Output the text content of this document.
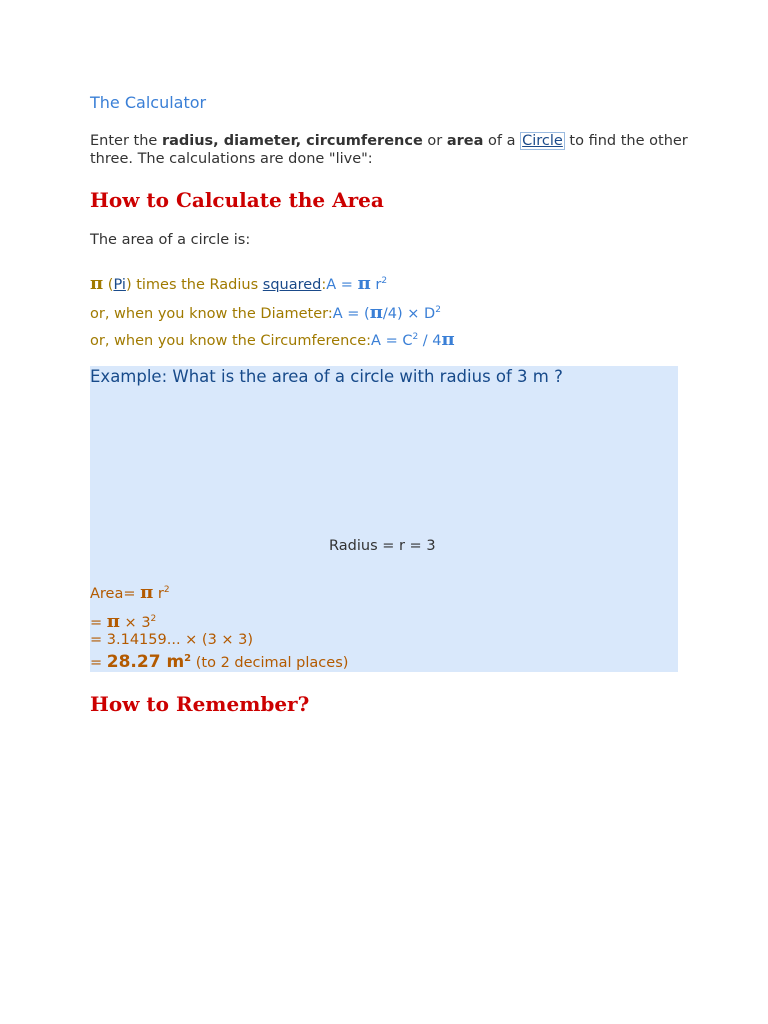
The Calculator
Enter the radius, diameter, circumference or area of a Circle to find the other three. The calculations are done "live":
How to Calculate the Area
The area of a circle is:
π (Pi) times the Radius squared:A = π $r^2$
or, when you know the Diameter:A = $(\pi/4) \times D^2$
or, when you know the Circumference:A = $C^2 / 4\pi$
Example: What is the area of a circle with radius of 3 m ?
Radius = r = 3
Area= π $r^2$
= $\pi \times 3^2$
= 3.14159... × (3 × 3)
= 28.27 $m^2$ (to 2 decimal places)
How to Remember?
